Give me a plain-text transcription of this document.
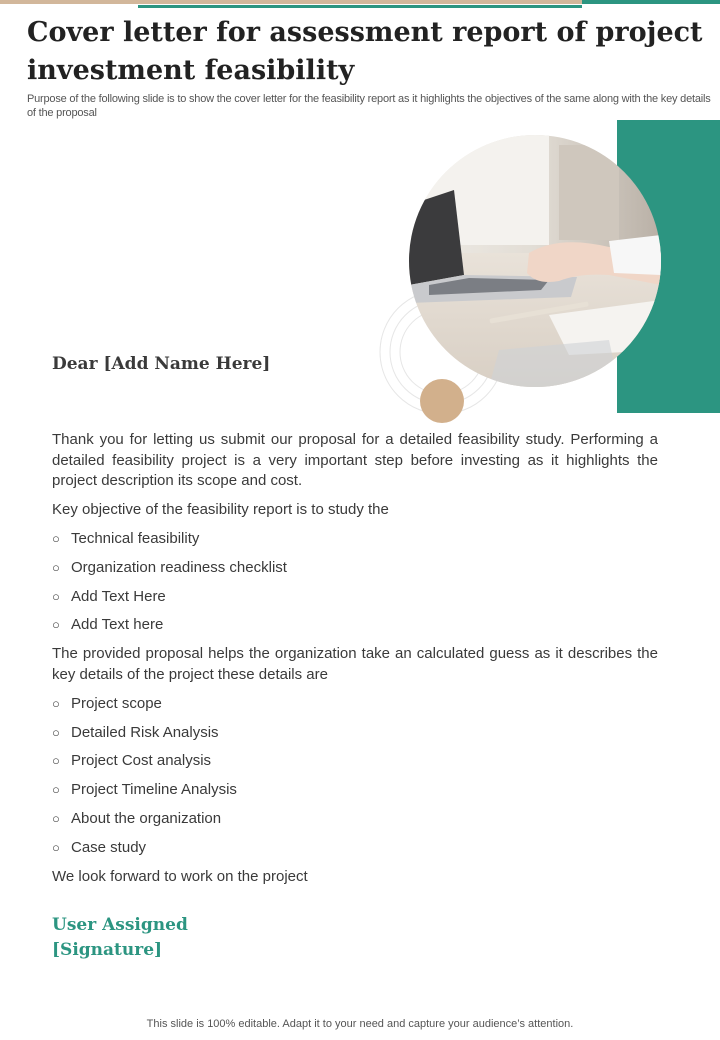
Cover letter for assessment report of project investment feasibility

Purpose of the following slide is to show the cover letter for the feasibility report as it highlights the objectives of the same along with the key details of the proposal

Dear [Add Name Here]

Thank you for letting us submit our proposal for a detailed feasibility study. Performing a detailed feasibility project is a very important step before investing as it highlights the project description its scope and cost.

Key objective of the feasibility report is to study the

○ Technical feasibility

○ Organization readiness checklist

○ Add Text Here

○ Add Text here

The provided proposal helps the organization take an calculated guess as it describes the key details of the project these details are

○ Project scope

○ Detailed Risk Analysis

○ Project Cost analysis

○ Project Timeline Analysis

○ About the organization

○ Case study

We look forward to work on the project

User Assigned
[Signature]

This slide is 100% editable. Adapt it to your need and capture your audience’s attention.
